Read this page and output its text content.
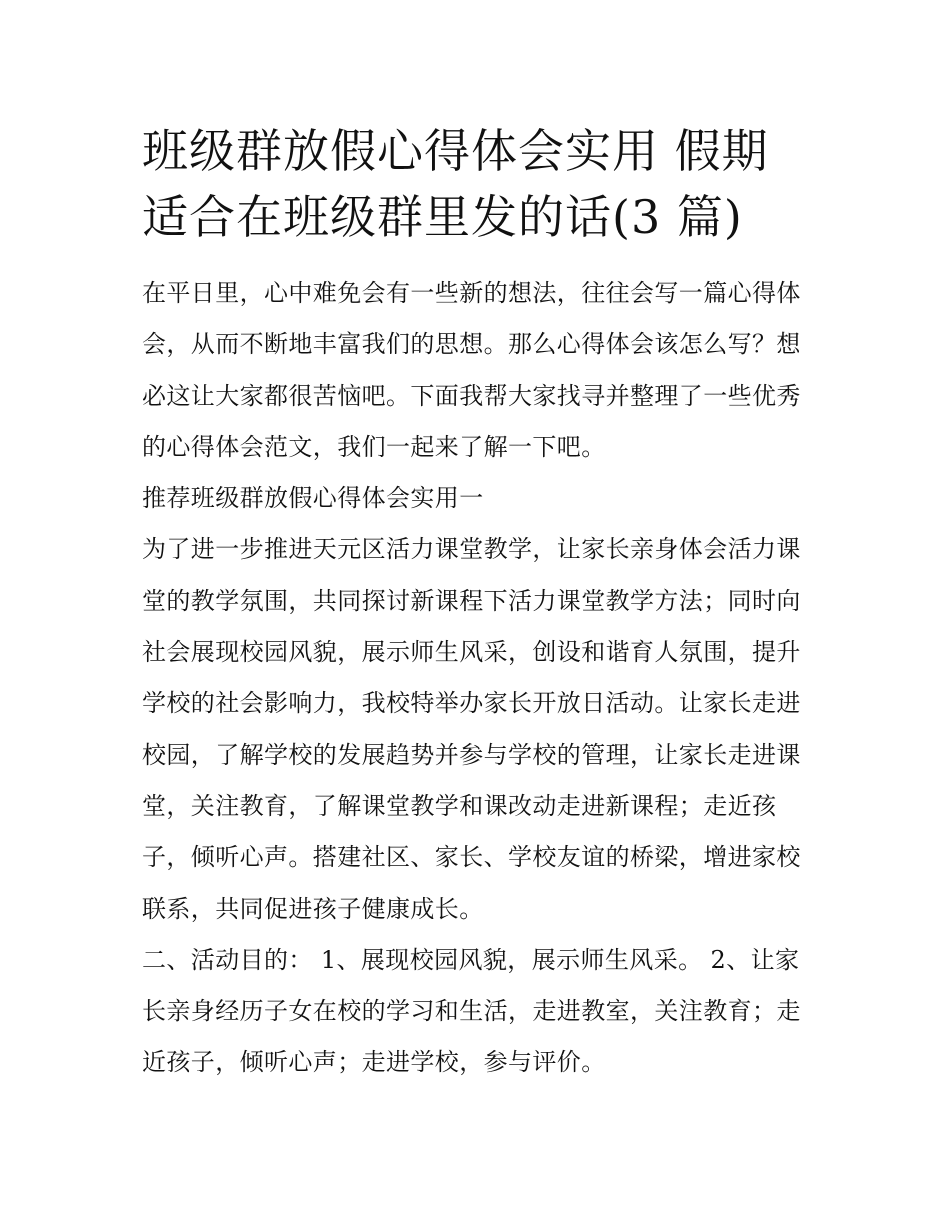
班级群放假心得体会实用 假期
适合在班级群里发的话(3 篇)

在平日里，心中难免会有一些新的想法，往往会写一篇心得体
会，从而不断地丰富我们的思想。那么心得体会该怎么写？想
必这让大家都很苦恼吧。下面我帮大家找寻并整理了一些优秀
的心得体会范文，我们一起来了解一下吧。

推荐班级群放假心得体会实用一

为了进一步推进天元区活力课堂教学，让家长亲身体会活力课
堂的教学氛围，共同探讨新课程下活力课堂教学方法；同时向
社会展现校园风貌，展示师生风采，创设和谐育人氛围，提升
学校的社会影响力，我校特举办家长开放日活动。让家长走进
校园，了解学校的发展趋势并参与学校的管理，让家长走进课
堂，关注教育，了解课堂教学和课改动走进新课程；走近孩
子，倾听心声。搭建社区、家长、学校友谊的桥梁，增进家校
联系，共同促进孩子健康成长。

二、活动目的： 1、展现校园风貌，展示师生风采。 2、让家
长亲身经历子女在校的学习和生活，走进教室，关注教育；走
近孩子，倾听心声；走进学校，参与评价。
